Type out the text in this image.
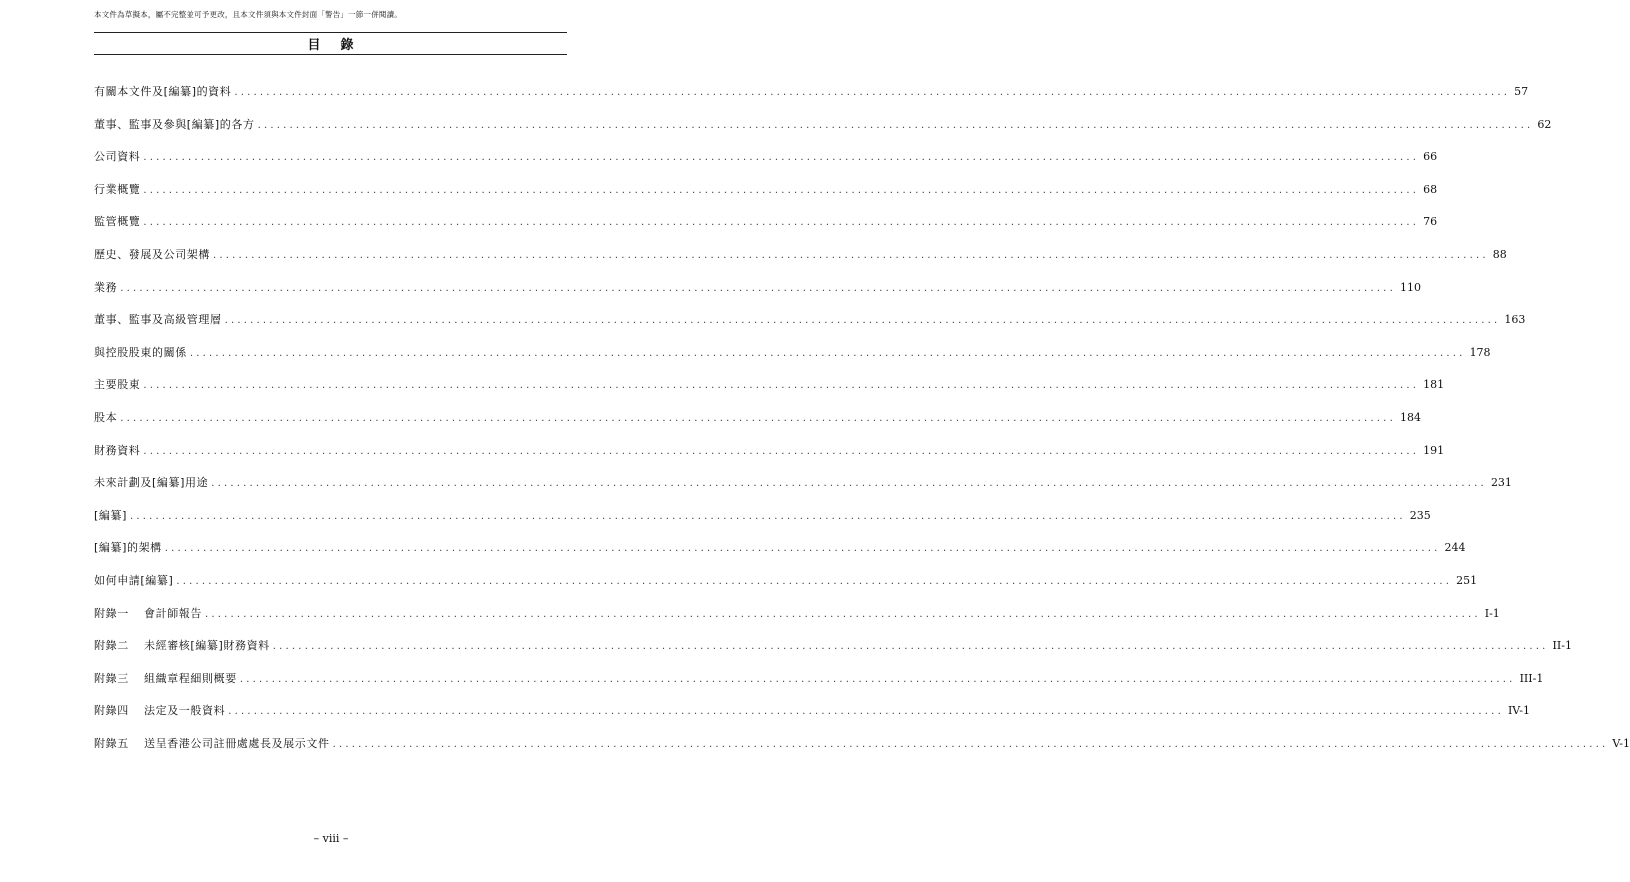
本文件為草擬本，屬不完整並可予更改，且本文件須與本文件封面「警告」一節一併閱讀。
目錄
有關本文件及[編纂]的資料 ........................................................................................................................................................................................................ 57
董事、監事及參與[編纂]的各方 ........................................................................................................................................................................................................ 62
公司資料 ........................................................................................................................................................................................................ 66
行業概覽 ........................................................................................................................................................................................................ 68
監管概覽 ........................................................................................................................................................................................................ 76
歷史、發展及公司架構 ........................................................................................................................................................................................................ 88
業務 ........................................................................................................................................................................................................ 110
董事、監事及高級管理層 ........................................................................................................................................................................................................ 163
與控股股東的關係 ........................................................................................................................................................................................................ 178
主要股東 ........................................................................................................................................................................................................ 181
股本 ........................................................................................................................................................................................................ 184
財務資料 ........................................................................................................................................................................................................ 191
未來計劃及[編纂]用途 ........................................................................................................................................................................................................ 231
[編纂] ........................................................................................................................................................................................................ 235
[編纂]的架構 ........................................................................................................................................................................................................ 244
如何申請[編纂] ........................................................................................................................................................................................................ 251
附錄一 會計師報告 ........................................................................................................................................................................................................ I-1
附錄二 未經審核[編纂]財務資料 ........................................................................................................................................................................................................ II-1
附錄三 組織章程細則概要 ........................................................................................................................................................................................................ III-1
附錄四 法定及一般資料 ........................................................................................................................................................................................................ IV-1
附錄五 送呈香港公司註冊處處長及展示文件 ........................................................................................................................................................................................................ V-1
– viii –
